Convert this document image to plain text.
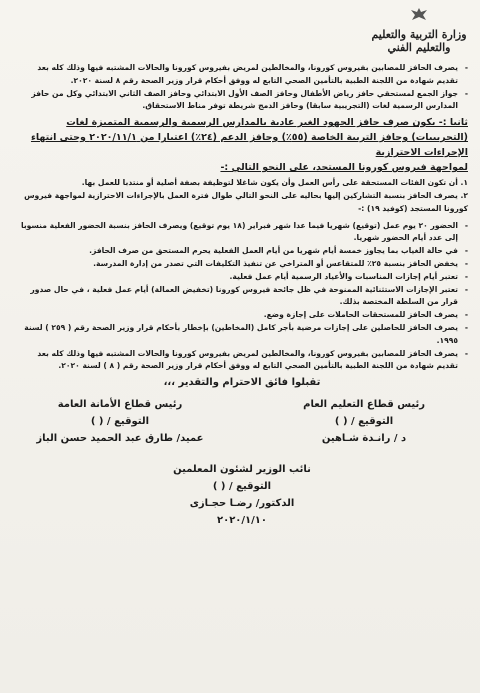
وزارة التربية والتعليم
والتعليم الفني

- يصرف الحافز للمصابين بفيروس كورونا، والمخالطين لمريض بفيروس كورونا والحالات المشتبه فيها وذلك كله بعد تقديم شهادة من اللجنة الطبية بالتأمين الصحي التابع له ووفق أحكام قرار وزير الصحة رقم ٨ لسنة ٢٠٢٠.

- جواز الجمع لمستحقي حافز رياض الأطفال وحافز الصف الأول الابتدائي وحافز الصف الثاني الابتدائي وكل من حافز المدارس الرسمية لغات (التجريبية سابقا) وحافز الدمج شريطة توفر مناط الاستحقاق.

ثانيا :- يكون صرف حافز الجهود الغير عادية بالمدارس الرسمية والرسمية المتميزة لغات (التجريبيات) وحافز التربية الخاصة (٥٥٪) وحافز الدعم (٢٤٪) اعتبارا من ٢٠٢٠/١١/١ وحتى انتهاء الإجراءات الاحترازية

لمواجهة فيروس كورونا المستجد، على النحو التالي :-

١. أن تكون الفئات المستحقة على رأس العمل وأن يكون شاغلا لتوظيفة بصفة أصلية أو منتدبا للعمل بها.

٢. يصرف الحافز بنسبة التشاركين إليها بحاليه على النحو التالي طوال فترة العمل بالإجراءات الاحترازية لمواجهة فيروس كورونا المستجد (كوفيد ١٩) :-

- الحضور ٢٠ يوم عمل (توقيع) شهريا فيما عدا شهر فبراير (١٨ يوم توقيع) ويصرف الحافز بنسبة الحضور الفعلية منسوبا إلى عدد أيام الحضور شهريا.

- في حالة الغياب بما يجاوز خمسة أيام شهريا من أيام العمل الفعلية يحرم المستحق من صرف الحافز.

- يخفض الحافز بنسبة ٢٥٪ للمتقاعس أو المتراخي عن تنفيذ التكليفات التي تصدر من إدارة المدرسة.

- تعتبر أيام إجازات المناسبات والأعياد الرسمية أيام عمل فعلية.

- تعتبر الإجازات الاستثنائية الممنوحة في ظل جائحة فيروس كورونا (تخفيض العمالة) أيام عمل فعلية ، في حال صدور قرار من السلطة المختصة بذلك.

- يصرف الحافز للمستحقات الحاملات على إجازة وضع.

- يصرف الحافز للحاصلين على إجازات مرضية بأجر كامل (المخاطين) بإخطار بأحكام قرار وزير الصحة رقم ( ٢٥٩ ) لسنة ١٩٩٥.

- يصرف الحافز للمصابين بفيروس كورونا، والمخالطين لمريض بفيروس كورونا والحالات المشتبه فيها وذلك كله بعد تقديم شهادة من اللجنة الطبية بالتأمين الصحي التابع له ووفق أحكام قرار وزير الصحة رقم ( ٨ ) لسنة ٢٠٢٠.

تقبلوا فائق الاحترام والتقدير ،،،

رئيس قطاع التعليم العام
التوقيع / ( )
د / رانـدة شـاهين
رئيس قطاع الأمانة العامة
التوقيع / ( )
عميد/ طارق عبد الحميد حسن الباز
نائب الوزير لشئون المعلمين
التوقيع / ( )
الدكتور/ رضـا حجـازى
٢٠٢٠/١/١٠
